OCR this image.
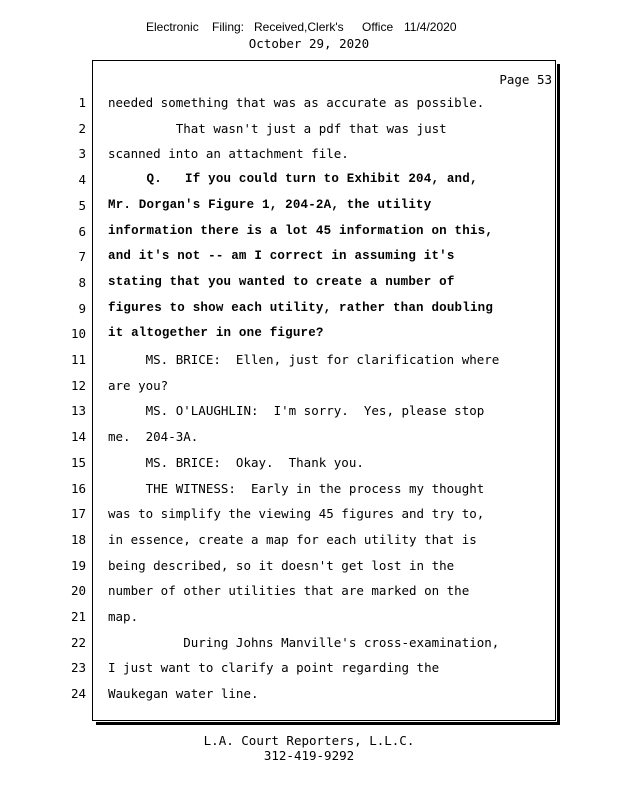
Electronic Filing: Received,Clerk's Office 11/4/2020
October 29, 2020
Page 53
1 needed something that was as accurate as possible.
2 That wasn't just a pdf that was just
3 scanned into an attachment file.
4 Q.   If you could turn to Exhibit 204, and,
5 Mr. Dorgan's Figure 1, 204-2A, the utility
6 information there is a lot 45 information on this,
7 and it's not -- am I correct in assuming it's
8 stating that you wanted to create a number of
9 figures to show each utility, rather than doubling
10 it altogether in one figure?
11 MS. BRICE:  Ellen, just for clarification where
12 are you?
13 MS. O'LAUGHLIN:  I'm sorry.  Yes, please stop
14 me.  204-3A.
15 MS. BRICE:  Okay.  Thank you.
16 THE WITNESS:  Early in the process my thought
17 was to simplify the viewing 45 figures and try to,
18 in essence, create a map for each utility that is
19 being described, so it doesn't get lost in the
20 number of other utilities that are marked on the
21 map.
22 During Johns Manville's cross-examination,
23 I just want to clarify a point regarding the
24 Waukegan water line.
L.A. Court Reporters, L.L.C.
312-419-9292
